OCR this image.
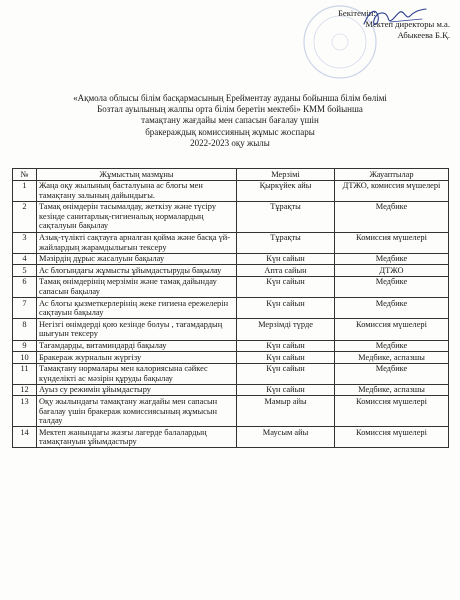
Бекітемін:
Мектеп директоры м.а.
Абыкеева Б.Қ.
«Ақмола облысы білім басқармасының Ерейментау ауданы бойынша білім бөлімі
Бозтал ауылының жалпы орта білім беретін мектебі» КММ бойынша
тамақтану жағдайы мен сапасын бағалау үшін
бракераждық комиссияның жұмыс жоспары
2022-2023 оқу жылы
№	Жұмыстың мазмұны	Мерзімі	Жауаптылар
1	Жаңа оқу жылының басталуына ас блогы мен тамақтану залының дайындығы.	Қыркүйек айы	ДТЖО, комиссия мүшелері
2	Тамақ өнімдерін тасымалдау, жеткізу және түсіру кезінде санитарлық-гигиеналық нормалардың сақталуын бақылау	Тұрақты	Медбике
3	Азық-түлікті сақтауға арналған қойма және басқа үй-жайлардың жарамдылығын тексеру	Тұрақты	Комиссия мүшелері
4	Мәзірдің дұрыс жасалуын бақылау	Күн сайын	Медбике
5	Ас блогындағы жұмысты ұйымдастыруды бақылау	Апта сайын	ДТЖО
6	Тамақ өнімдерінің мерзімін және тамақ дайындау сапасын бақылау	Күн сайын	Медбике
7	Ас блогы қызметкерлерінің жеке гигиена ережелерін сақтауын бақылау	Күн сайын	Медбике
8	Негізгі өнімдерді қою кезінде болуы , тағамдардың шығуын тексеру	Мерзімді түрде	Комиссия мүшелері
9	Тағамдарды, витаминдарді бақылау	Күн сайын	Медбике
10	Бракераж журналын жүргізу	Күн сайын	Медбике, аспазшы
11	Тамақтану нормалары мен калориясына сәйкес күнделікті ас мәзірін құруды бақылау	Күн сайын	Медбике
12	Ауыз су режимін ұйымдастыру	Күн сайын	Медбике, аспазшы
13	Оқу жылындағы тамақтану жағдайы мен сапасын бағалау үшін бракераж комиссиясының жұмысын талдау	Мамыр айы	Комиссия мүшелері
14	Мектеп жанындағы жазғы лагерде балалардың тамақтануын ұйымдастыру	Маусым айы	Комиссия мүшелері
